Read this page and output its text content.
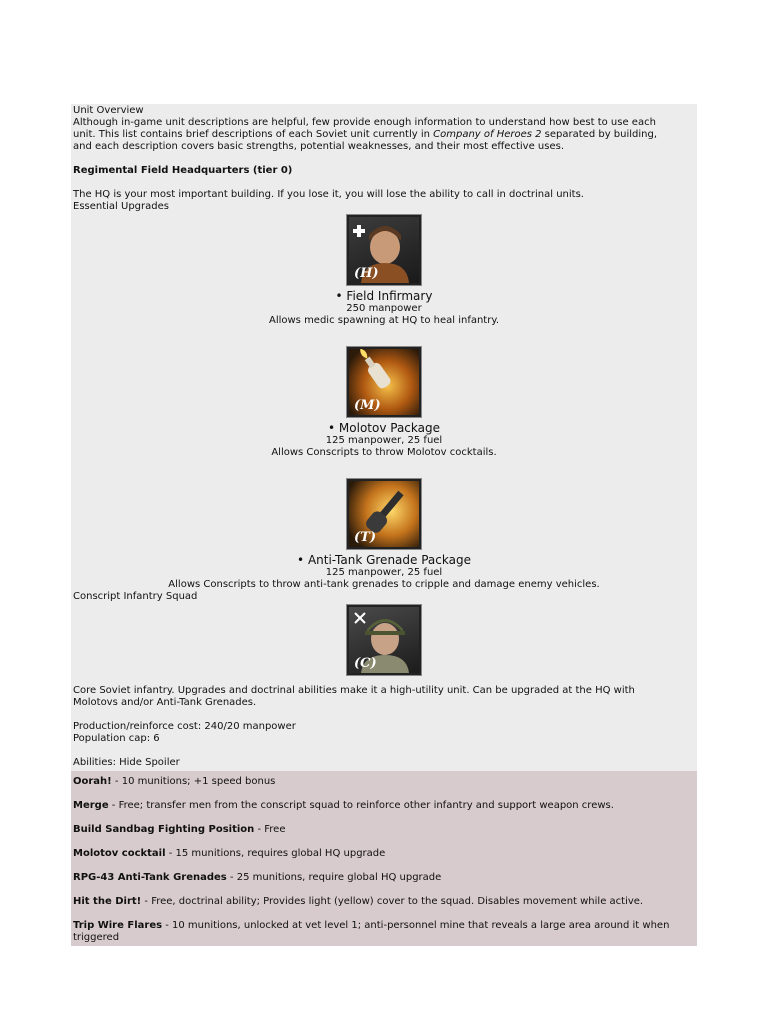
Unit Overview

Although in-game unit descriptions are helpful, few provide enough information to understand how best to use each

unit. This list contains brief descriptions of each Soviet unit currently in Company of Heroes 2 separated by building,

and each description covers basic strengths, potential weaknesses, and their most effective uses.

Regimental Field Headquarters (tier 0)

The HQ is your most important building. If you lose it, you will lose the ability to call in doctrinal units.

Essential Upgrades

(H)
• Field Infirmary
250 manpower
Allows medic spawning at HQ to heal infantry.
(M)
• Molotov Package
125 manpower, 25 fuel
Allows Conscripts to throw Molotov cocktails.
(T)
• Anti-Tank Grenade Package
125 manpower, 25 fuel
Allows Conscripts to throw anti-tank grenades to cripple and damage enemy vehicles.

Conscript Infantry Squad

(C)

Core Soviet infantry. Upgrades and doctrinal abilities make it a high-utility unit. Can be upgraded at the HQ with

Molotovs and/or Anti-Tank Grenades.

Production/reinforce cost: 240/20 manpower

Population cap: 6

Abilities: Hide Spoiler

Oorah! - 10 munitions; +1 speed bonus

Merge - Free; transfer men from the conscript squad to reinforce other infantry and support weapon crews.

Build Sandbag Fighting Position - Free

Molotov cocktail - 15 munitions, requires global HQ upgrade

RPG-43 Anti-Tank Grenades - 25 munitions, require global HQ upgrade

Hit the Dirt! - Free, doctrinal ability; Provides light (yellow) cover to the squad. Disables movement while active.

Trip Wire Flares - 10 munitions, unlocked at vet level 1; anti-personnel mine that reveals a large area around it when triggered
